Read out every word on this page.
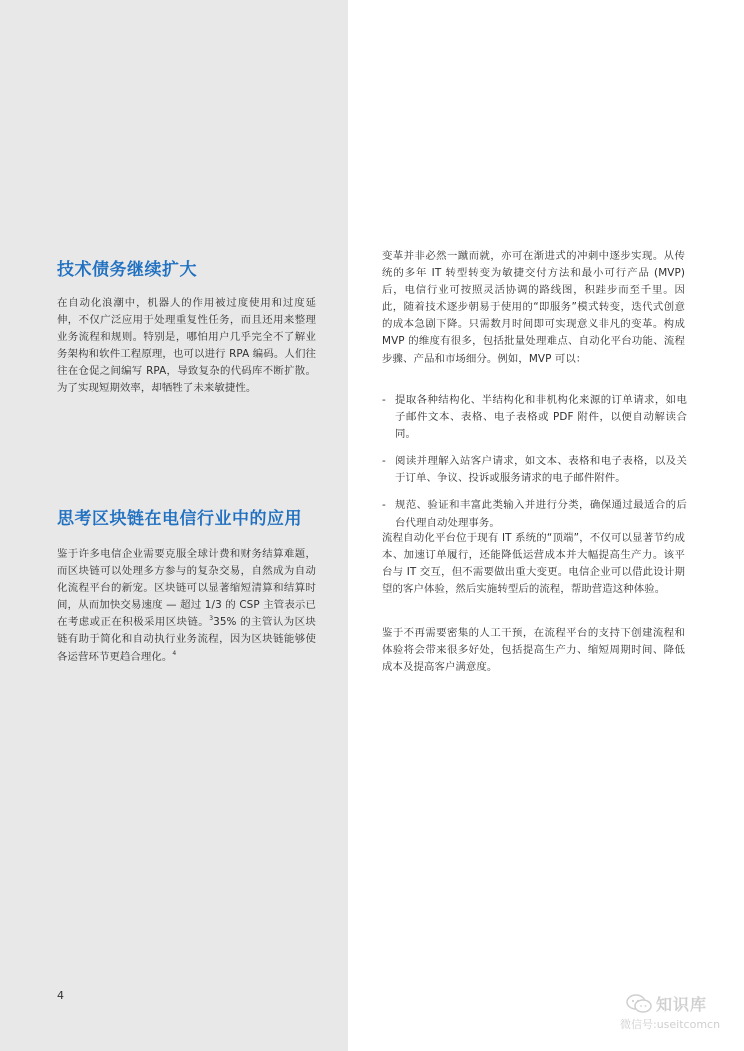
技术债务继续扩大

在自动化浪潮中，机器人的作用被过度使用和过度延伸，不仅广泛应用于处理重复性任务，而且还用来整理业务流程和规则。特别是，哪怕用户几乎完全不了解业务架构和软件工程原理，也可以进行 RPA 编码。人们往往在仓促之间编写 RPA，导致复杂的代码库不断扩散。为了实现短期效率，却牺牲了未来敏捷性。

思考区块链在电信行业中的应用

鉴于许多电信企业需要克服全球计费和财务结算难题，而区块链可以处理多方参与的复杂交易，自然成为自动化流程平台的新宠。区块链可以显著缩短清算和结算时间，从而加快交易速度 — 超过 1/3 的 CSP 主管表示已在考虑或正在积极采用区块链。$^3$35% 的主管认为区块链有助于简化和自动执行业务流程，因为区块链能够使各运营环节更趋合理化。$^4$

4

变革并非必然一蹴而就，亦可在渐进式的冲刺中逐步实现。从传统的多年 IT 转型转变为敏捷交付方法和最小可行产品 (MVP) 后，电信行业可按照灵活协调的路线图，积跬步而至千里。因此，随着技术逐步朝易于使用的“即服务”模式转变，迭代式创意的成本急剧下降。只需数月时间即可实现意义非凡的变革。构成 MVP 的维度有很多，包括批量处理难点、自动化平台功能、流程步骤、产品和市场细分。例如，MVP 可以：

- 提取各种结构化、半结构化和非机构化来源的订单请求，如电子邮件文本、表格、电子表格或 PDF 附件，以便自动解读合同。
- 阅读并理解入站客户请求，如文本、表格和电子表格，以及关于订单、争议、投诉或服务请求的电子邮件附件。
- 规范、验证和丰富此类输入并进行分类，确保通过最适合的后台代理自动处理事务。

流程自动化平台位于现有 IT 系统的“顶端”，不仅可以显著节约成本、加速订单履行，还能降低运营成本并大幅提高生产力。该平台与 IT 交互，但不需要做出重大变更。电信企业可以借此设计期望的客户体验，然后实施转型后的流程，帮助营造这种体验。

鉴于不再需要密集的人工干预，在流程平台的支持下创建流程和体验将会带来很多好处，包括提高生产力、缩短周期时间、降低成本及提高客户满意度。

知识库
微信号:useitcomcn
